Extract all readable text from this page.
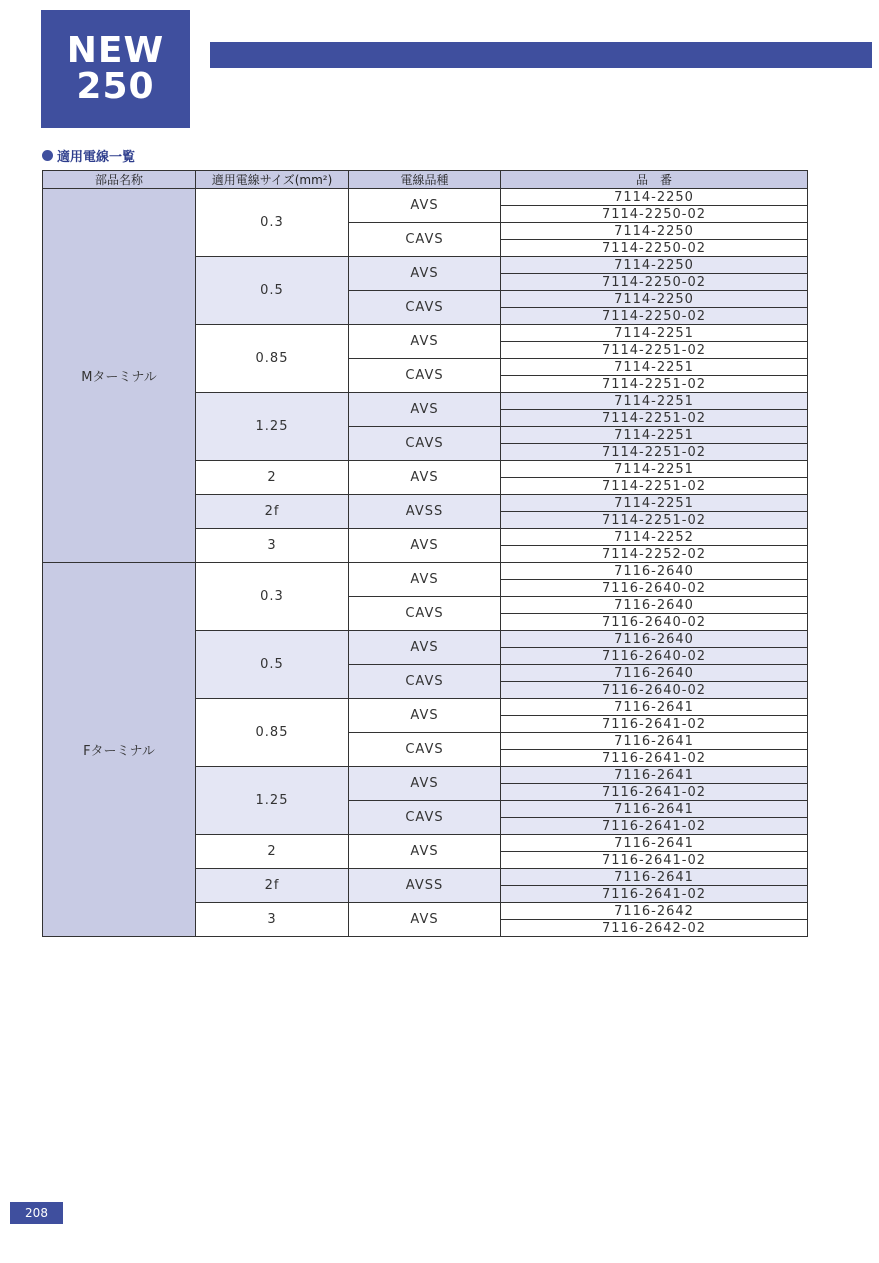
NEW
250
適用電線一覧
部品名称	適用電線サイズ(mm²)	電線品種	品　番
Mターミナル	0.3	AVS	7114-2250
			7114-2250-02
		CAVS	7114-2250
			7114-2250-02
	0.5	AVS	7114-2250
			7114-2250-02
		CAVS	7114-2250
			7114-2250-02
	0.85	AVS	7114-2251
			7114-2251-02
		CAVS	7114-2251
			7114-2251-02
	1.25	AVS	7114-2251
			7114-2251-02
		CAVS	7114-2251
			7114-2251-02
	2	AVS	7114-2251
			7114-2251-02
	2f	AVSS	7114-2251
			7114-2251-02
	3	AVS	7114-2252
			7114-2252-02
Fターミナル	0.3	AVS	7116-2640
			7116-2640-02
		CAVS	7116-2640
			7116-2640-02
	0.5	AVS	7116-2640
			7116-2640-02
		CAVS	7116-2640
			7116-2640-02
	0.85	AVS	7116-2641
			7116-2641-02
		CAVS	7116-2641
			7116-2641-02
	1.25	AVS	7116-2641
			7116-2641-02
		CAVS	7116-2641
			7116-2641-02
	2	AVS	7116-2641
			7116-2641-02
	2f	AVSS	7116-2641
			7116-2641-02
	3	AVS	7116-2642
			7116-2642-02
208
